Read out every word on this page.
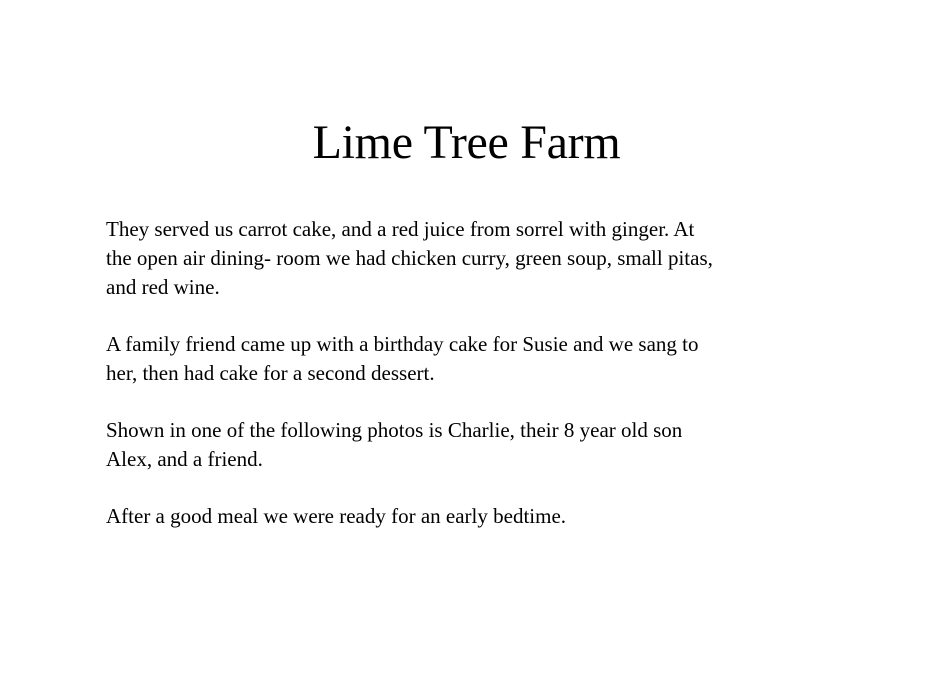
Lime Tree Farm

They served us carrot cake, and a red juice from sorrel with ginger. At
the open air dining- room we had chicken curry, green soup, small pitas,
and red wine.

A family friend came up with a birthday cake for Susie and we sang to
her, then had cake for a second dessert.

Shown in one of the following photos is Charlie, their 8 year old son
Alex, and a friend.

After a good meal we were ready for an early bedtime.
